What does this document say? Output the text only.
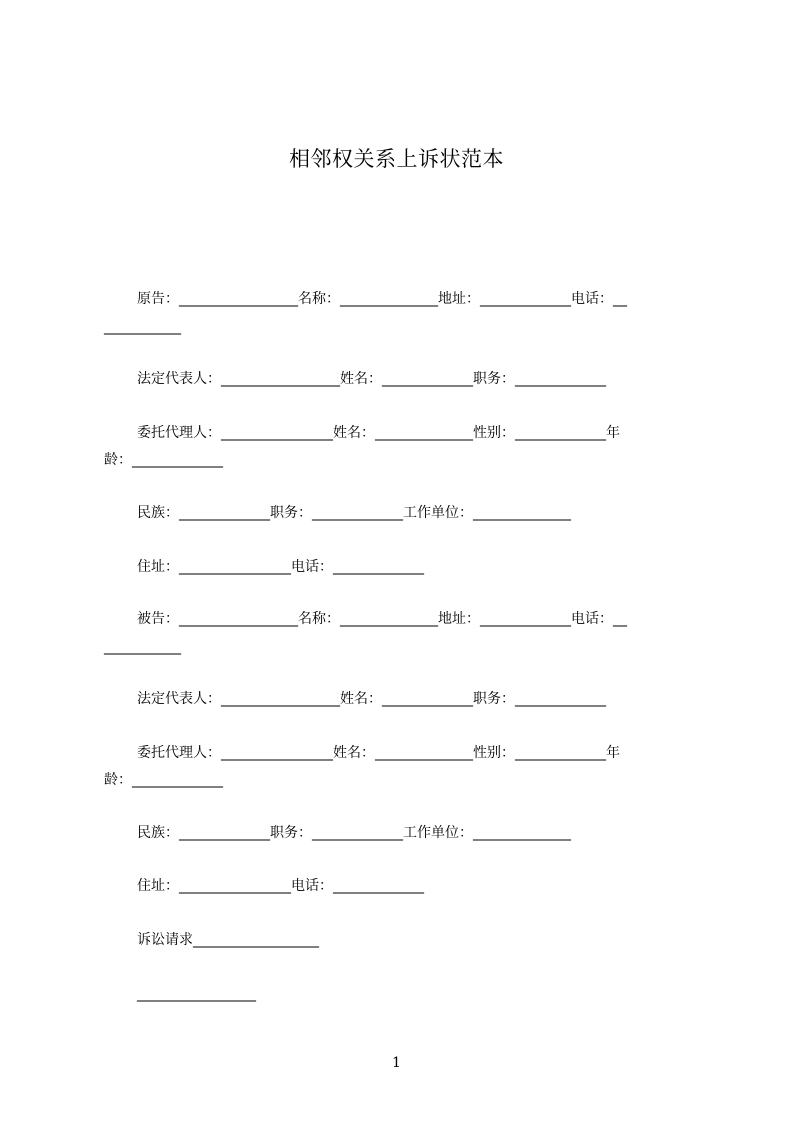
相邻权关系上诉状范本
原告：_________________名称：______________地址：_____________电话：__
___________
法定代表人：_________________姓名：_____________职务：_____________
委托代理人：________________姓名：______________性别：_____________年
龄：_____________
民族：_____________职务：_____________工作单位：______________
住址：________________电话：_____________
被告：_________________名称：______________地址：_____________电话：__
___________
法定代表人：_________________姓名：_____________职务：_____________
委托代理人：________________姓名：______________性别：_____________年
龄：_____________
民族：_____________职务：_____________工作单位：______________
住址：________________电话：_____________
诉讼请求__________________
_________________
1
